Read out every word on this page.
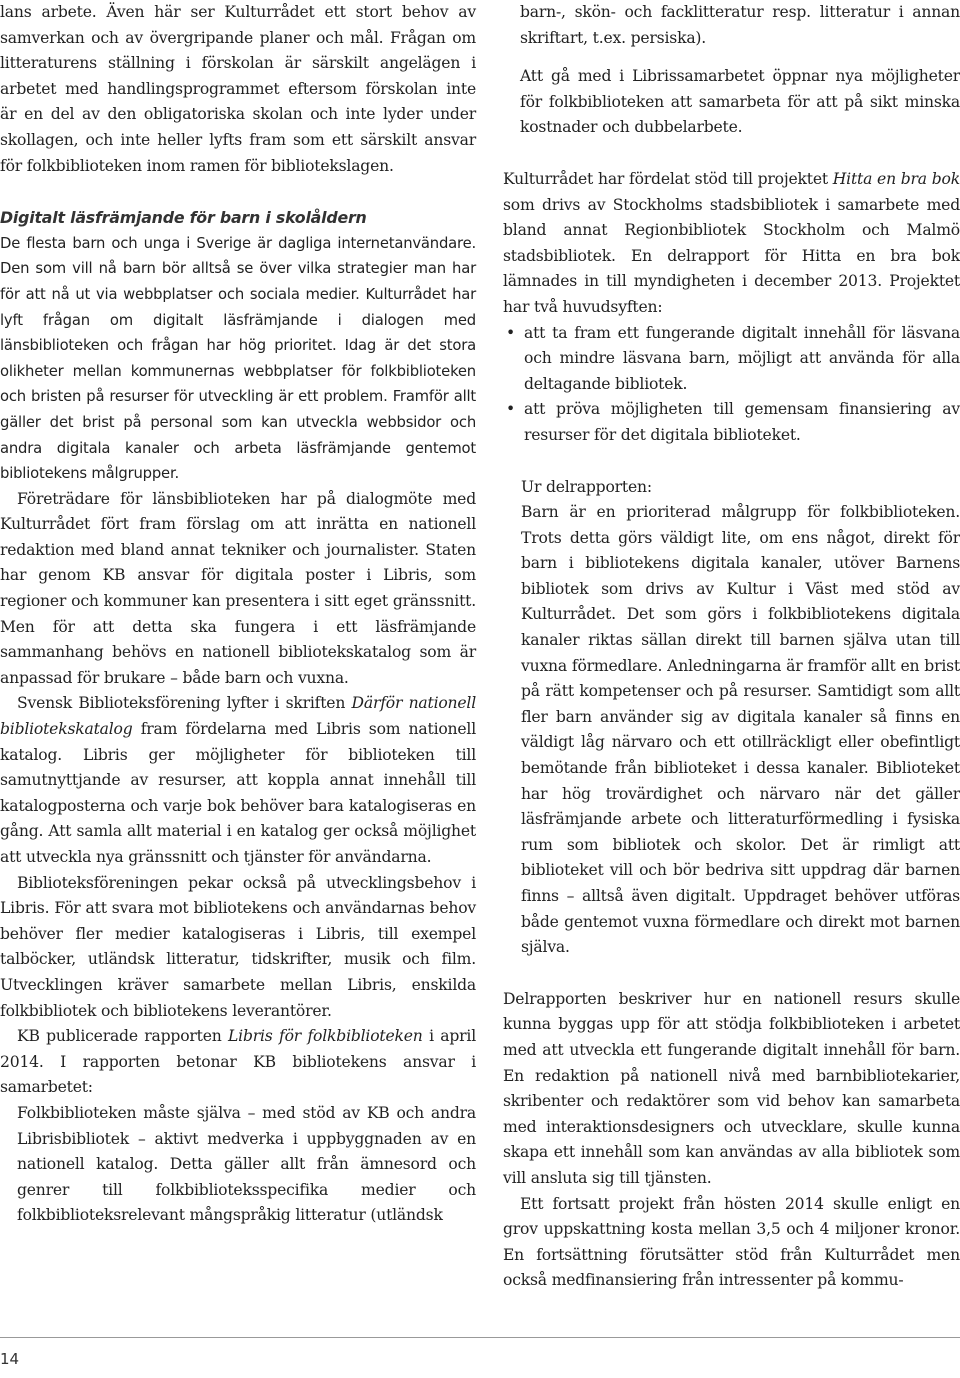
lans arbete. Även här ser Kulturrådet ett stort behov av samverkan och av övergripande planer och mål. Frågan om litteraturens ställning i förskolan är särskilt angelägen i arbetet med handlingsprogrammet eftersom förskolan inte är en del av den obligatoriska skolan och inte lyder under skollagen, och inte heller lyfts fram som ett särskilt ansvar för folkbiblioteken inom ramen för bibliotekslagen.

Digitalt läsfrämjande för barn i skolåldern

De flesta barn och unga i Sverige är dagliga internetanvändare. Den som vill nå barn bör alltså se över vilka strategier man har för att nå ut via webbplatser och sociala medier. Kulturrådet har lyft frågan om digitalt läsfrämjande i dialogen med länsbiblioteken och frågan har hög prioritet. Idag är det stora olikheter mellan kommunernas webbplatser för folkbiblioteken och bristen på resurser för utveckling är ett problem. Framför allt gäller det brist på personal som kan utveckla webbsidor och andra digitala kanaler och arbeta läsfrämjande gentemot bibliotekens målgrupper.

Företrädare för länsbiblioteken har på dialogmöte med Kulturrådet fört fram förslag om att inrätta en nationell redaktion med bland annat tekniker och journalister. Staten har genom KB ansvar för digitala poster i Libris, som regioner och kommuner kan presentera i sitt eget gränssnitt. Men för att detta ska fungera i ett läsfrämjande sammanhang behövs en nationell bibliotekskatalog som är anpassad för brukare – både barn och vuxna.

Svensk Biblioteksförening lyfter i skriften Därför nationell bibliotekskatalog fram fördelarna med Libris som nationell katalog. Libris ger möjligheter för biblioteken till samutnyttjande av resurser, att koppla annat innehåll till katalogposterna och varje bok behöver bara katalogiseras en gång. Att samla allt material i en katalog ger också möjlighet att utveckla nya gränssnitt och tjänster för användarna.

Biblioteksföreningen pekar också på utvecklingsbehov i Libris. För att svara mot bibliotekens och användarnas behov behöver fler medier katalogiseras i Libris, till exempel talböcker, utländsk litteratur, tidskrifter, musik och film. Utvecklingen kräver samarbete mellan Libris, enskilda folkbibliotek och bibliotekens leverantörer.

KB publicerade rapporten Libris för folkbiblioteken i april 2014. I rapporten betonar KB bibliotekens ansvar i samarbetet:

Folkbiblioteken måste själva – med stöd av KB och andra Librisbibliotek – aktivt medverka i uppbyggnaden av en nationell katalog. Detta gäller allt från ämnesord och genrer till folkbiblioteksspecifika medier och folkbiblioteksrelevant mångspråkig litteratur (utländsk

barn-, skön- och facklitteratur resp. litteratur i annan skriftart, t.ex. persiska).

Att gå med i Librissamarbetet öppnar nya möjligheter för folkbiblioteken att samarbeta för att på sikt minska kostnader och dubbelarbete.

Kulturrådet har fördelat stöd till projektet Hitta en bra bok som drivs av Stockholms stadsbibliotek i samarbete med bland annat Regionbibliotek Stockholm och Malmö stadsbibliotek. En delrapport för Hitta en bra bok lämnades in till myndigheten i december 2013. Projektet har två huvudsyften:

• att ta fram ett fungerande digitalt innehåll för läsvana och mindre läsvana barn, möjligt att använda för alla deltagande bibliotek.
• att pröva möjligheten till gemensam finansiering av resurser för det digitala biblioteket.

Ur delrapporten:

Barn är en prioriterad målgrupp för folkbiblioteken. Trots detta görs väldigt lite, om ens något, direkt för barn i bibliotekens digitala kanaler, utöver Barnens bibliotek som drivs av Kultur i Väst med stöd av Kulturrådet. Det som görs i folkbibliotekens digitala kanaler riktas sällan direkt till barnen själva utan till vuxna förmedlare. Anledningarna är framför allt en brist på rätt kompetenser och på resurser. Samtidigt som allt fler barn använder sig av digitala kanaler så finns en väldigt låg närvaro och ett otillräckligt eller obefintligt bemötande från biblioteket i dessa kanaler. Biblioteket har hög trovärdighet och närvaro när det gäller läsfrämjande arbete och litteraturförmedling i fysiska rum som bibliotek och skolor. Det är rimligt att biblioteket vill och bör bedriva sitt uppdrag där barnen finns – alltså även digitalt. Uppdraget behöver utföras både gentemot vuxna förmedlare och direkt mot barnen själva.

Delrapporten beskriver hur en nationell resurs skulle kunna byggas upp för att stödja folkbiblioteken i arbetet med att utveckla ett fungerande digitalt innehåll för barn. En redaktion på nationell nivå med barnbibliotekarier, skribenter och redaktörer som vid behov kan samarbeta med interaktionsdesigners och utvecklare, skulle kunna skapa ett innehåll som kan användas av alla bibliotek som vill ansluta sig till tjänsten.

Ett fortsatt projekt från hösten 2014 skulle enligt en grov uppskattning kosta mellan 3,5 och 4 miljoner kronor. En fortsättning förutsätter stöd från Kulturrådet men också medfinansiering från intressenter på kommu-

14
